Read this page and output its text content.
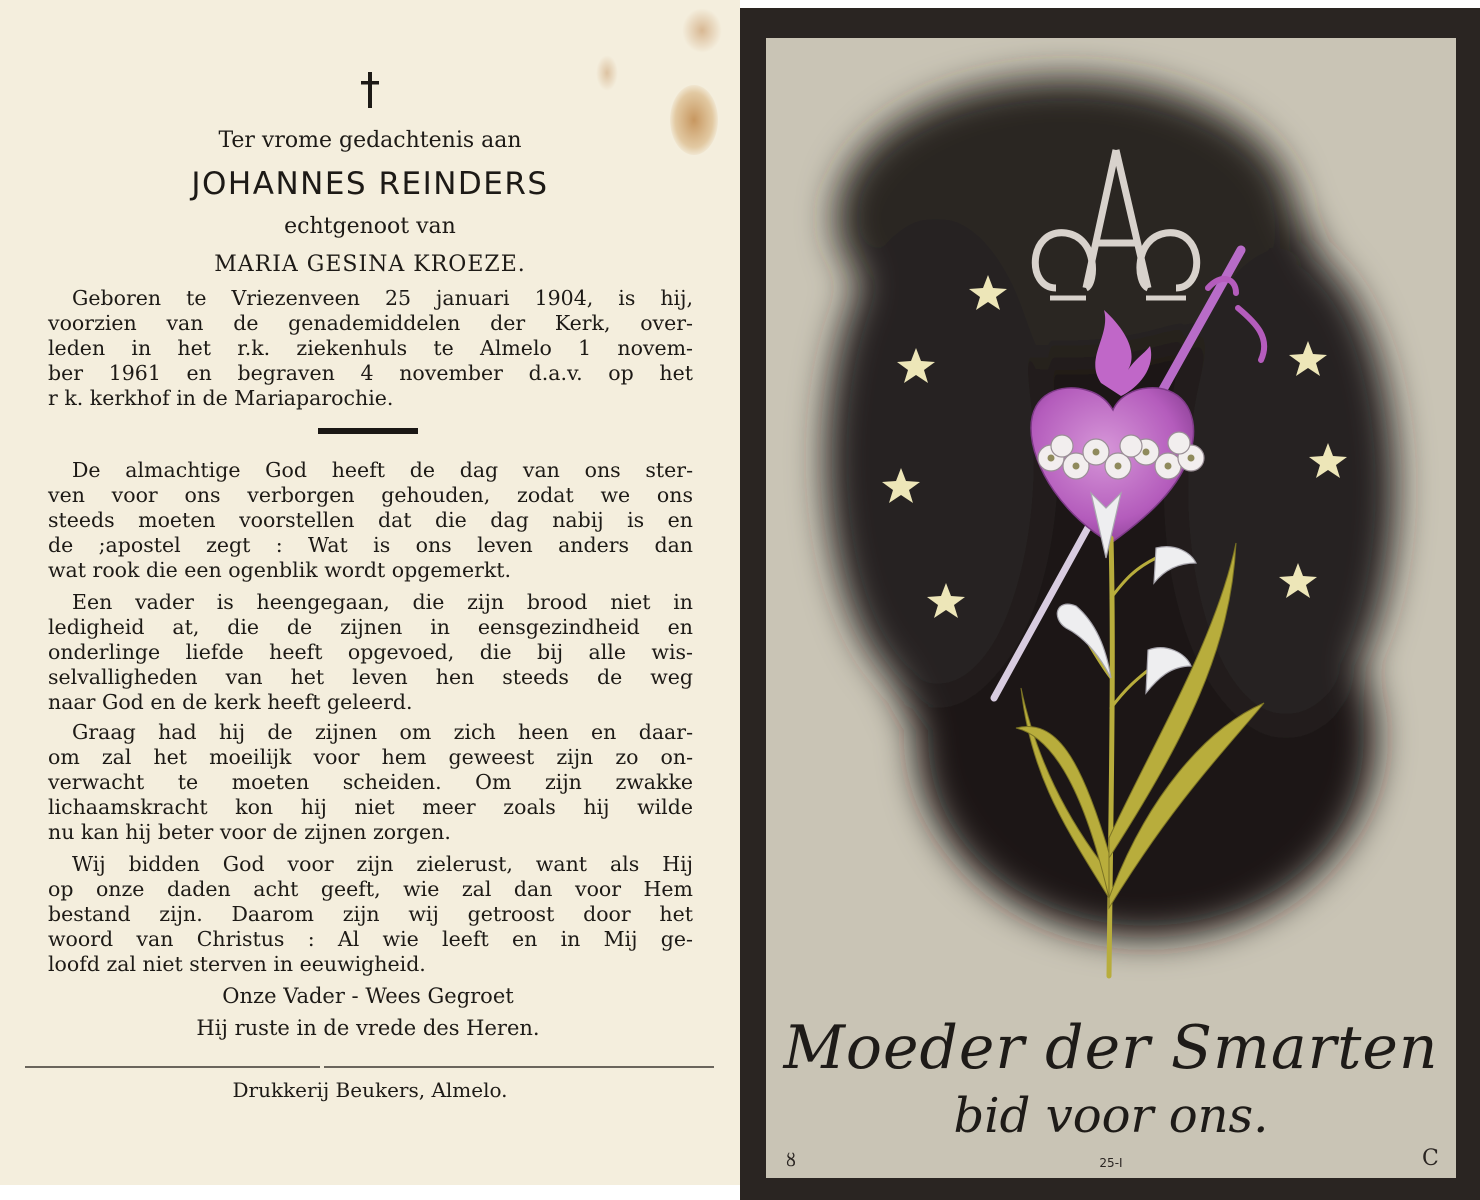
Ter vrome gedachtenis aan
JOHANNES REINDERS
echtgenoot van
MARIA GESINA KROEZE.
Geboren te Vriezenveen 25 januari 1904, is hij,
voorzien van de genademiddelen der Kerk, over-
leden in het r.k. ziekenhuls te Almelo 1 novem-
ber 1961 en begraven 4 november d.a.v. op het
r k. kerkhof in de Mariaparochie.
De almachtige God heeft de dag van ons ster-
ven voor ons verborgen gehouden, zodat we ons
steeds moeten voorstellen dat die dag nabij is en
de ;apostel zegt : Wat is ons leven anders dan
wat rook die een ogenblik wordt opgemerkt.
Een vader is heengegaan, die zijn brood niet in
ledigheid at, die de zijnen in eensgezindheid en
onderlinge liefde heeft opgevoed, die bij alle wis-
selvalligheden van het leven hen steeds de weg
naar God en de kerk heeft geleerd.
Graag had hij de zijnen om zich heen en daar-
om zal het moeilijk voor hem geweest zijn zo on-
verwacht te moeten scheiden. Om zijn zwakke
lichaamskracht kon hij niet meer zoals hij wilde
nu kan hij beter voor de zijnen zorgen.
Wij bidden God voor zijn zielerust, want als Hij
op onze daden acht geeft, wie zal dan voor Hem
bestand zijn. Daarom zijn wij getroost door het
woord van Christus : Al wie leeft en in Mij ge-
loofd zal niet sterven in eeuwigheid.
Onze Vader - Wees Gegroet
Hij ruste in de vrede des Heren.
Drukkerij Beukers, Almelo.
Moeder der Smarten
bid voor ons.
ȣ	25-I	C
